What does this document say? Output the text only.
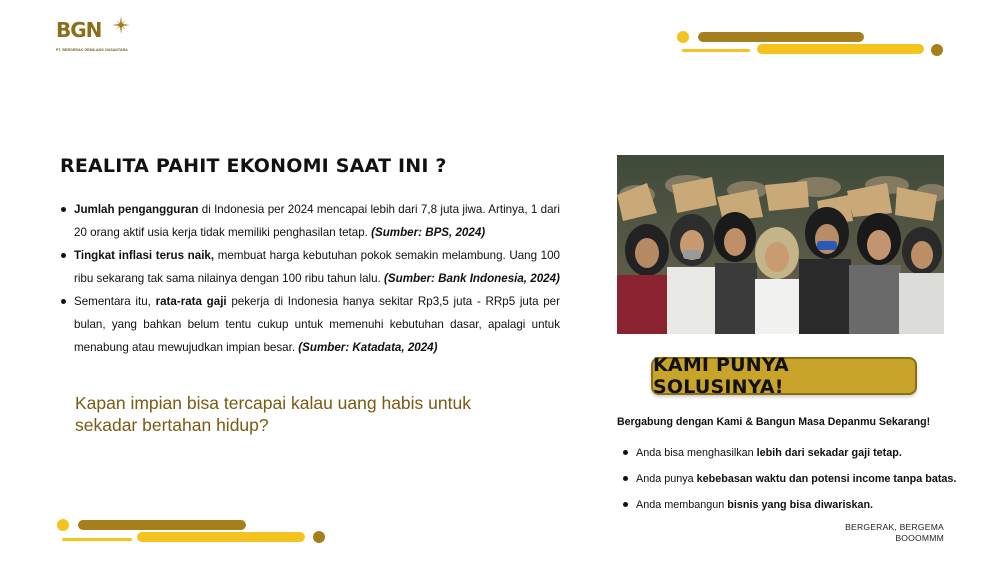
BGN
PT. BERGERAK GEMILANG NUSANTARA
REALITA PAHIT EKONOMI SAAT INI ?
Jumlah pengangguran di Indonesia per 2024 mencapai lebih dari 7,8 juta jiwa. Artinya, 1 dari 20 orang aktif usia kerja tidak memiliki penghasilan tetap. (Sumber: BPS, 2024)
Tingkat inflasi terus naik, membuat harga kebutuhan pokok semakin melambung. Uang 100 ribu sekarang tak sama nilainya dengan 100 ribu tahun lalu. (Sumber: Bank Indonesia, 2024)
Sementara itu, rata-rata gaji pekerja di Indonesia hanya sekitar Rp3,5 juta - RRp5 juta per bulan, yang bahkan belum tentu cukup untuk memenuhi kebutuhan dasar, apalagi untuk menabung atau mewujudkan impian besar. (Sumber: Katadata, 2024)
Kapan impian bisa tercapai kalau uang habis untuk sekadar bertahan hidup?
KAMI PUNYA SOLUSINYA!
Bergabung dengan Kami & Bangun Masa Depanmu Sekarang!
Anda bisa menghasilkan lebih dari sekadar gaji tetap.
Anda punya kebebasan waktu dan potensi income tanpa batas.
Anda membangun bisnis yang bisa diwariskan.
BERGERAK, BERGEMA
BOOOMMM
